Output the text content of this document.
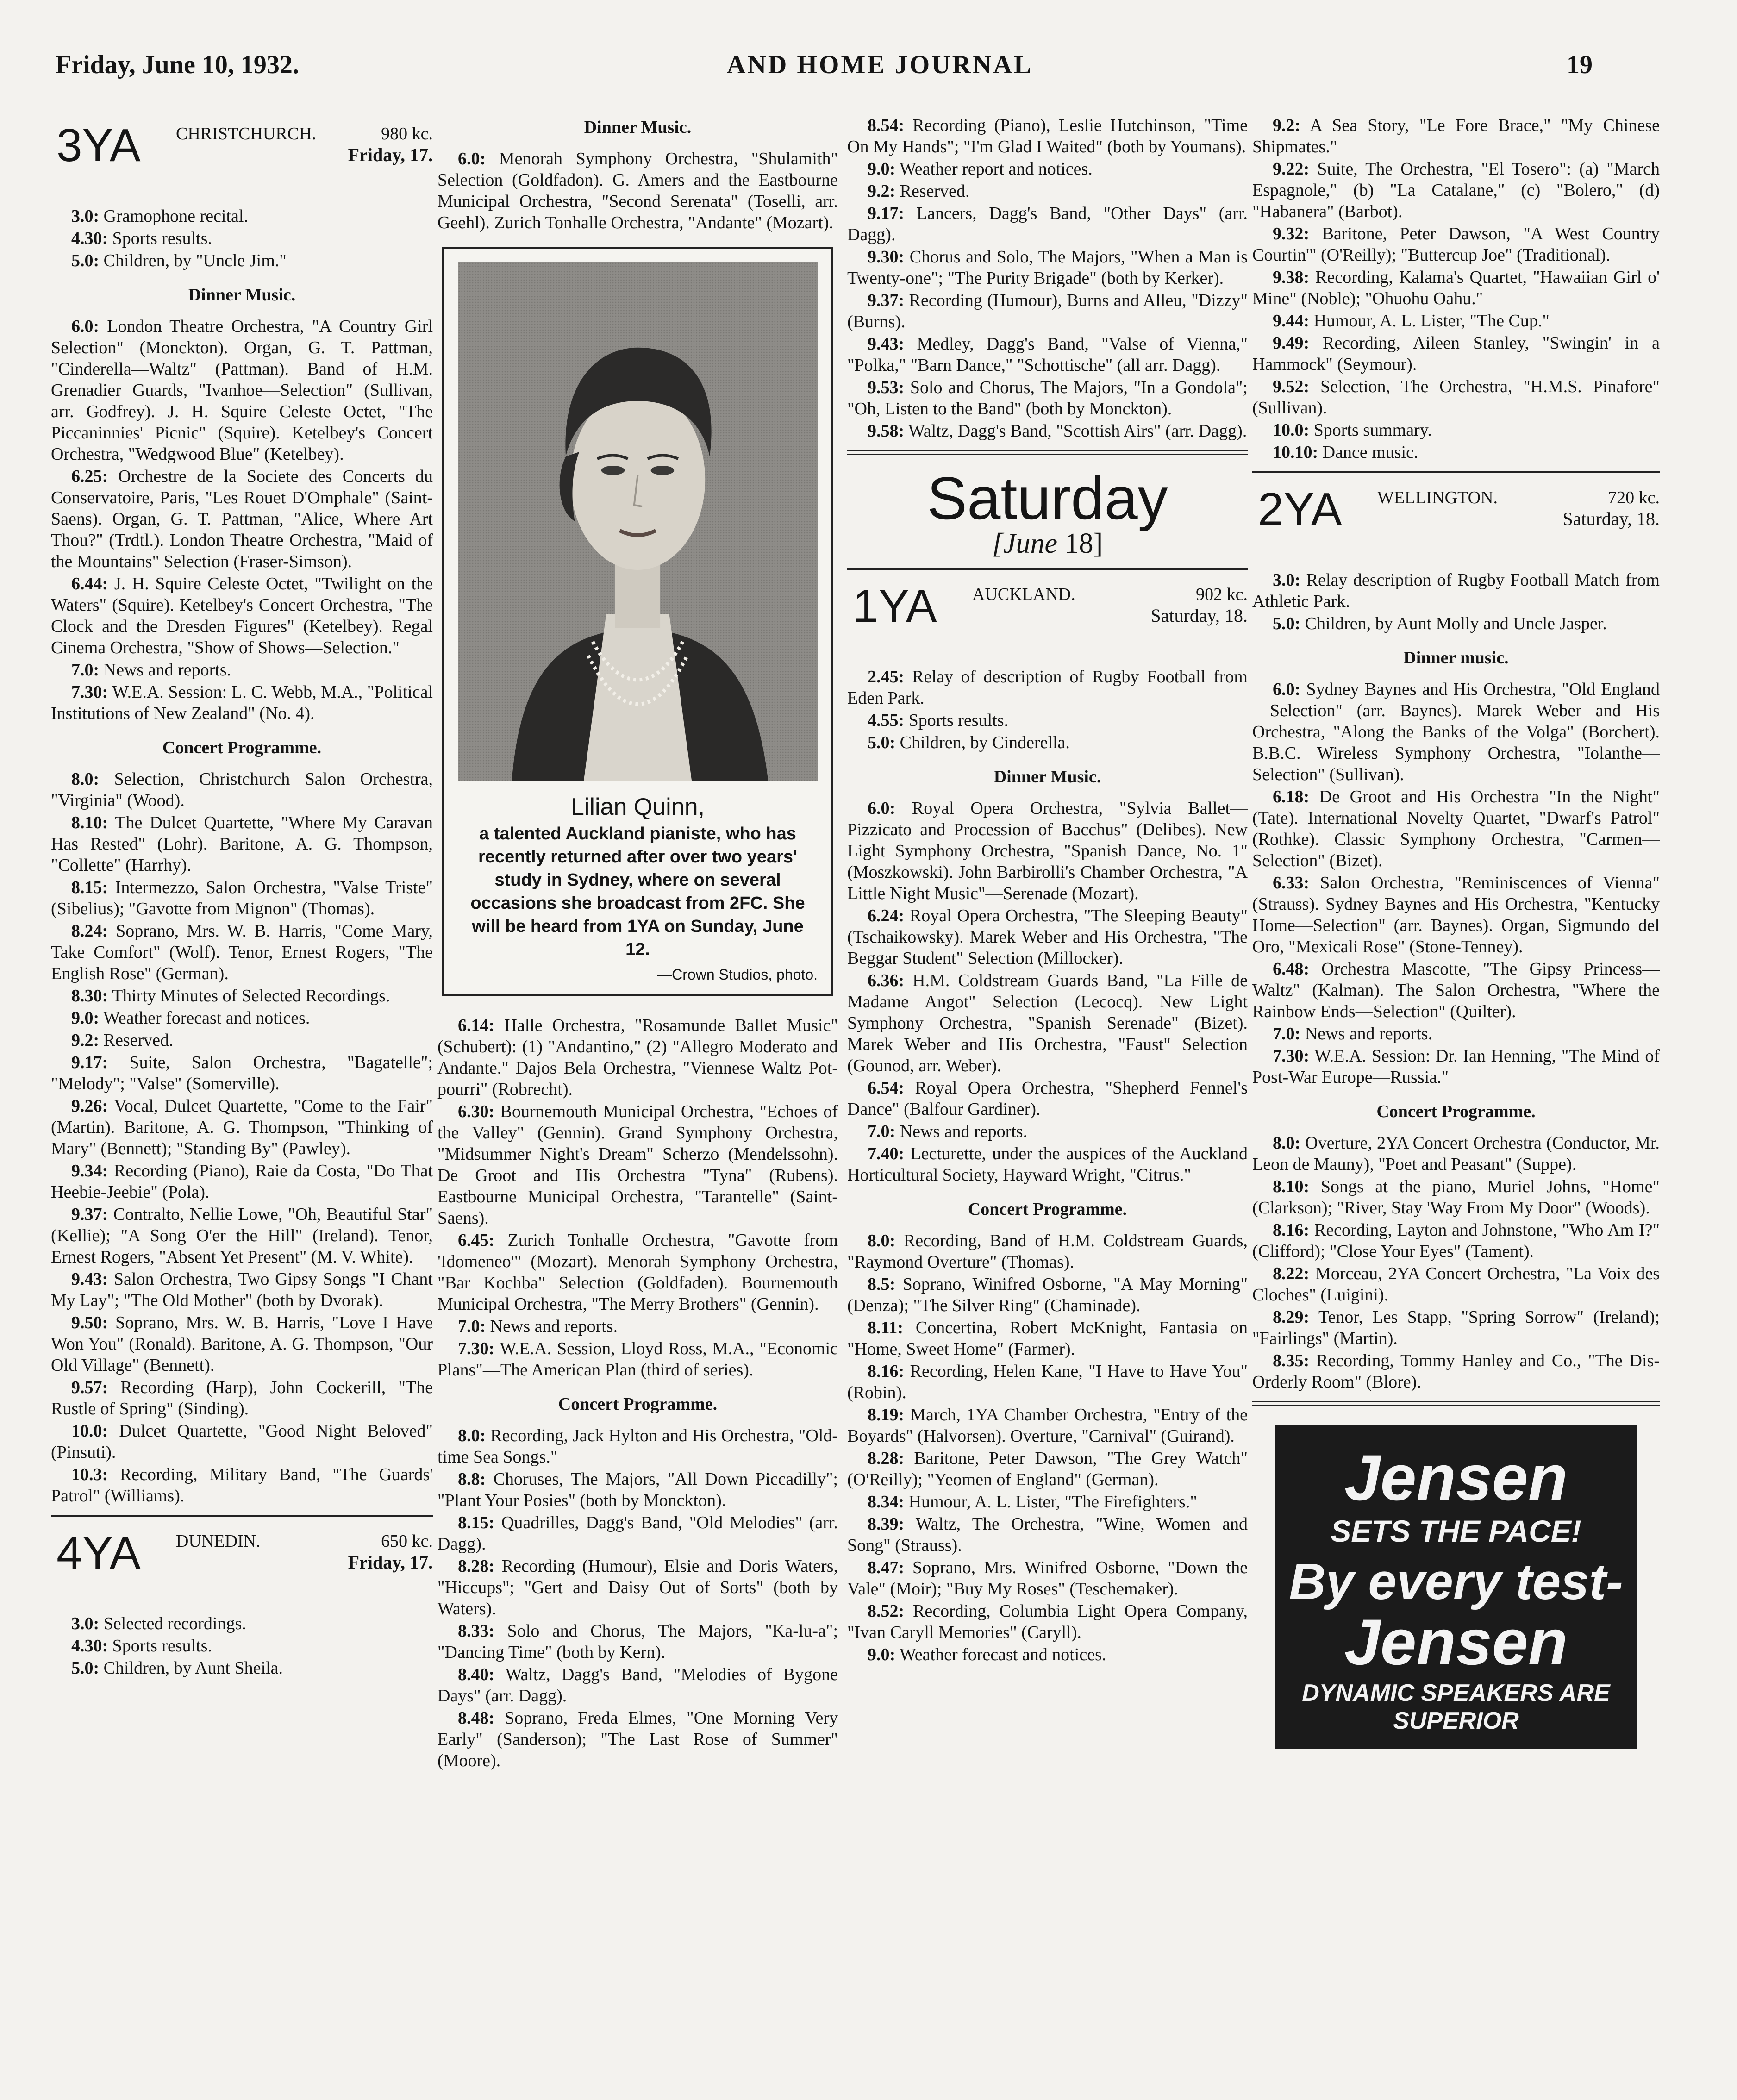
Friday, June 10, 1932.	AND HOME JOURNAL	19
3YA CHRISTCHURCH.	980 kc.
Friday, 17.

3.0: Gramophone recital.

4.30: Sports results.

5.0: Children, by "Uncle Jim."

Dinner Music.

6.0: London Theatre Orchestra, "A Country Girl Selection" (Monckton). Organ, G. T. Pattman, "Cinderella—Waltz" (Pattman). Band of H.M. Grenadier Guards, "Ivanhoe—Selection" (Sullivan, arr. Godfrey). J. H. Squire Celeste Octet, "The Piccaninnies' Picnic" (Squire). Ketelbey's Concert Orchestra, "Wedgwood Blue" (Ketelbey).

6.25: Orchestre de la Societe des Concerts du Conservatoire, Paris, "Les Rouet D'Omphale" (Saint-Saens). Organ, G. T. Pattman, "Alice, Where Art Thou?" (Trdtl.). London Theatre Orchestra, "Maid of the Mountains" Selection (Fraser-Simson).

6.44: J. H. Squire Celeste Octet, "Twilight on the Waters" (Squire). Ketelbey's Concert Orchestra, "The Clock and the Dresden Figures" (Ketelbey). Regal Cinema Orchestra, "Show of Shows—Selection."

7.0: News and reports.

7.30: W.E.A. Session: L. C. Webb, M.A., "Political Institutions of New Zealand" (No. 4).

Concert Programme.

8.0: Selection, Christchurch Salon Orchestra, "Virginia" (Wood).

8.10: The Dulcet Quartette, "Where My Caravan Has Rested" (Lohr). Baritone, A. G. Thompson, "Collette" (Harrhy).

8.15: Intermezzo, Salon Orchestra, "Valse Triste" (Sibelius); "Gavotte from Mignon" (Thomas).

8.24: Soprano, Mrs. W. B. Harris, "Come Mary, Take Comfort" (Wolf). Tenor, Ernest Rogers, "The English Rose" (German).

8.30: Thirty Minutes of Selected Recordings.

9.0: Weather forecast and notices.

9.2: Reserved.

9.17: Suite, Salon Orchestra, "Bagatelle"; "Melody"; "Valse" (Somerville).

9.26: Vocal, Dulcet Quartette, "Come to the Fair" (Martin). Baritone, A. G. Thompson, "Thinking of Mary" (Bennett); "Standing By" (Pawley).

9.34: Recording (Piano), Raie da Costa, "Do That Heebie-Jeebie" (Pola).

9.37: Contralto, Nellie Lowe, "Oh, Beautiful Star" (Kellie); "A Song O'er the Hill" (Ireland). Tenor, Ernest Rogers, "Absent Yet Present" (M. V. White).

9.43: Salon Orchestra, Two Gipsy Songs "I Chant My Lay"; "The Old Mother" (both by Dvorak).

9.50: Soprano, Mrs. W. B. Harris, "Love I Have Won You" (Ronald). Baritone, A. G. Thompson, "Our Old Village" (Bennett).

9.57: Recording (Harp), John Cockerill, "The Rustle of Spring" (Sinding).

10.0: Dulcet Quartette, "Good Night Beloved" (Pinsuti).

10.3: Recording, Military Band, "The Guards' Patrol" (Williams).

4YA DUNEDIN.	650 kc.
Friday, 17.

3.0: Selected recordings.

4.30: Sports results.

5.0: Children, by Aunt Sheila.

Dinner Music.

6.0: Menorah Symphony Orchestra, "Shulamith" Selection (Goldfadon). G. Amers and the Eastbourne Municipal Orchestra, "Second Serenata" (Toselli, arr. Geehl). Zurich Tonhalle Orchestra, "Andante" (Mozart).

Lilian Quinn,
a talented Auckland pianiste, who has recently returned after over two years' study in Sydney, where on several occasions she broadcast from 2FC. She will be heard from 1YA on Sunday, June 12.
—Crown Studios, photo.

6.14: Halle Orchestra, "Rosamunde Ballet Music" (Schubert): (1) "Andantino," (2) "Allegro Moderato and Andante." Dajos Bela Orchestra, "Viennese Waltz Pot-pourri" (Robrecht).

6.30: Bournemouth Municipal Orchestra, "Echoes of the Valley" (Gennin). Grand Symphony Orchestra, "Midsummer Night's Dream" Scherzo (Mendelssohn). De Groot and His Orchestra "Tyna" (Rubens). Eastbourne Municipal Orchestra, "Tarantelle" (Saint-Saens).

6.45: Zurich Tonhalle Orchestra, "Gavotte from 'Idomeneo'" (Mozart). Menorah Symphony Orchestra, "Bar Kochba" Selection (Goldfaden). Bournemouth Municipal Orchestra, "The Merry Brothers" (Gennin).

7.0: News and reports.

7.30: W.E.A. Session, Lloyd Ross, M.A., "Economic Plans"—The American Plan (third of series).

Concert Programme.

8.0: Recording, Jack Hylton and His Orchestra, "Old-time Sea Songs."

8.8: Choruses, The Majors, "All Down Piccadilly"; "Plant Your Posies" (both by Monckton).

8.15: Quadrilles, Dagg's Band, "Old Melodies" (arr. Dagg).

8.28: Recording (Humour), Elsie and Doris Waters, "Hiccups"; "Gert and Daisy Out of Sorts" (both by Waters).

8.33: Solo and Chorus, The Majors, "Ka-lu-a"; "Dancing Time" (both by Kern).

8.40: Waltz, Dagg's Band, "Melodies of Bygone Days" (arr. Dagg).

8.48: Soprano, Freda Elmes, "One Morning Very Early" (Sanderson); "The Last Rose of Summer" (Moore).

8.54: Recording (Piano), Leslie Hutchinson, "Time On My Hands"; "I'm Glad I Waited" (both by Youmans).

9.0: Weather report and notices.

9.2: Reserved.

9.17: Lancers, Dagg's Band, "Other Days" (arr. Dagg).

9.30: Chorus and Solo, The Majors, "When a Man is Twenty-one"; "The Purity Brigade" (both by Kerker).

9.37: Recording (Humour), Burns and Alleu, "Dizzy" (Burns).

9.43: Medley, Dagg's Band, "Valse of Vienna," "Polka," "Barn Dance," "Schottische" (all arr. Dagg).

9.53: Solo and Chorus, The Majors, "In a Gondola"; "Oh, Listen to the Band" (both by Monckton).

9.58: Waltz, Dagg's Band, "Scottish Airs" (arr. Dagg).

Saturday
[June 18]
1YA AUCKLAND.	902 kc.
Saturday, 18.

2.45: Relay of description of Rugby Football from Eden Park.

4.55: Sports results.

5.0: Children, by Cinderella.

Dinner Music.

6.0: Royal Opera Orchestra, "Sylvia Ballet—Pizzicato and Procession of Bacchus" (Delibes). New Light Symphony Orchestra, "Spanish Dance, No. 1" (Moszkowski). John Barbirolli's Chamber Orchestra, "A Little Night Music"—Serenade (Mozart).

6.24: Royal Opera Orchestra, "The Sleeping Beauty" (Tschaikowsky). Marek Weber and His Orchestra, "The Beggar Student" Selection (Millocker).

6.36: H.M. Coldstream Guards Band, "La Fille de Madame Angot" Selection (Lecocq). New Light Symphony Orchestra, "Spanish Serenade" (Bizet). Marek Weber and His Orchestra, "Faust" Selection (Gounod, arr. Weber).

6.54: Royal Opera Orchestra, "Shepherd Fennel's Dance" (Balfour Gardiner).

7.0: News and reports.

7.40: Lecturette, under the auspices of the Auckland Horticultural Society, Hayward Wright, "Citrus."

Concert Programme.

8.0: Recording, Band of H.M. Coldstream Guards, "Raymond Overture" (Thomas).

8.5: Soprano, Winifred Osborne, "A May Morning" (Denza); "The Silver Ring" (Chaminade).

8.11: Concertina, Robert McKnight, Fantasia on "Home, Sweet Home" (Farmer).

8.16: Recording, Helen Kane, "I Have to Have You" (Robin).

8.19: March, 1YA Chamber Orchestra, "Entry of the Boyards" (Halvorsen). Overture, "Carnival" (Guirand).

8.28: Baritone, Peter Dawson, "The Grey Watch" (O'Reilly); "Yeomen of England" (German).

8.34: Humour, A. L. Lister, "The Firefighters."

8.39: Waltz, The Orchestra, "Wine, Women and Song" (Strauss).

8.47: Soprano, Mrs. Winifred Osborne, "Down the Vale" (Moir); "Buy My Roses" (Teschemaker).

8.52: Recording, Columbia Light Opera Company, "Ivan Caryll Memories" (Caryll).

9.0: Weather forecast and notices.

9.2: A Sea Story, "Le Fore Brace," "My Chinese Shipmates."

9.22: Suite, The Orchestra, "El Tosero": (a) "March Espagnole," (b) "La Catalane," (c) "Bolero," (d) "Habanera" (Barbot).

9.32: Baritone, Peter Dawson, "A West Country Courtin'" (O'Reilly); "Buttercup Joe" (Traditional).

9.38: Recording, Kalama's Quartet, "Hawaiian Girl o' Mine" (Noble); "Ohuohu Oahu."

9.44: Humour, A. L. Lister, "The Cup."

9.49: Recording, Aileen Stanley, "Swingin' in a Hammock" (Seymour).

9.52: Selection, The Orchestra, "H.M.S. Pinafore" (Sullivan).

10.0: Sports summary.

10.10: Dance music.

2YA WELLINGTON.	720 kc.
Saturday, 18.

3.0: Relay description of Rugby Football Match from Athletic Park.

5.0: Children, by Aunt Molly and Uncle Jasper.

Dinner music.

6.0: Sydney Baynes and His Orchestra, "Old England—Selection" (arr. Baynes). Marek Weber and His Orchestra, "Along the Banks of the Volga" (Borchert). B.B.C. Wireless Symphony Orchestra, "Iolanthe—Selection" (Sullivan).

6.18: De Groot and His Orchestra "In the Night" (Tate). International Novelty Quartet, "Dwarf's Patrol" (Rothke). Classic Symphony Orchestra, "Carmen—Selection" (Bizet).

6.33: Salon Orchestra, "Reminiscences of Vienna" (Strauss). Sydney Baynes and His Orchestra, "Kentucky Home—Selection" (arr. Baynes). Organ, Sigmundo del Oro, "Mexicali Rose" (Stone-Tenney).

6.48: Orchestra Mascotte, "The Gipsy Princess—Waltz" (Kalman). The Salon Orchestra, "Where the Rainbow Ends—Selection" (Quilter).

7.0: News and reports.

7.30: W.E.A. Session: Dr. Ian Henning, "The Mind of Post-War Europe—Russia."

Concert Programme.

8.0: Overture, 2YA Concert Orchestra (Conductor, Mr. Leon de Mauny), "Poet and Peasant" (Suppe).

8.10: Songs at the piano, Muriel Johns, "Home" (Clarkson); "River, Stay 'Way From My Door" (Woods).

8.16: Recording, Layton and Johnstone, "Who Am I?" (Clifford); "Close Your Eyes" (Tament).

8.22: Morceau, 2YA Concert Orchestra, "La Voix des Cloches" (Luigini).

8.29: Tenor, Les Stapp, "Spring Sorrow" (Ireland); "Fairlings" (Martin).

8.35: Recording, Tommy Hanley and Co., "The Dis-Orderly Room" (Blore).

Jensen
SETS THE PACE!
By every test-
Jensen
DYNAMIC SPEAKERS ARE SUPERIOR
